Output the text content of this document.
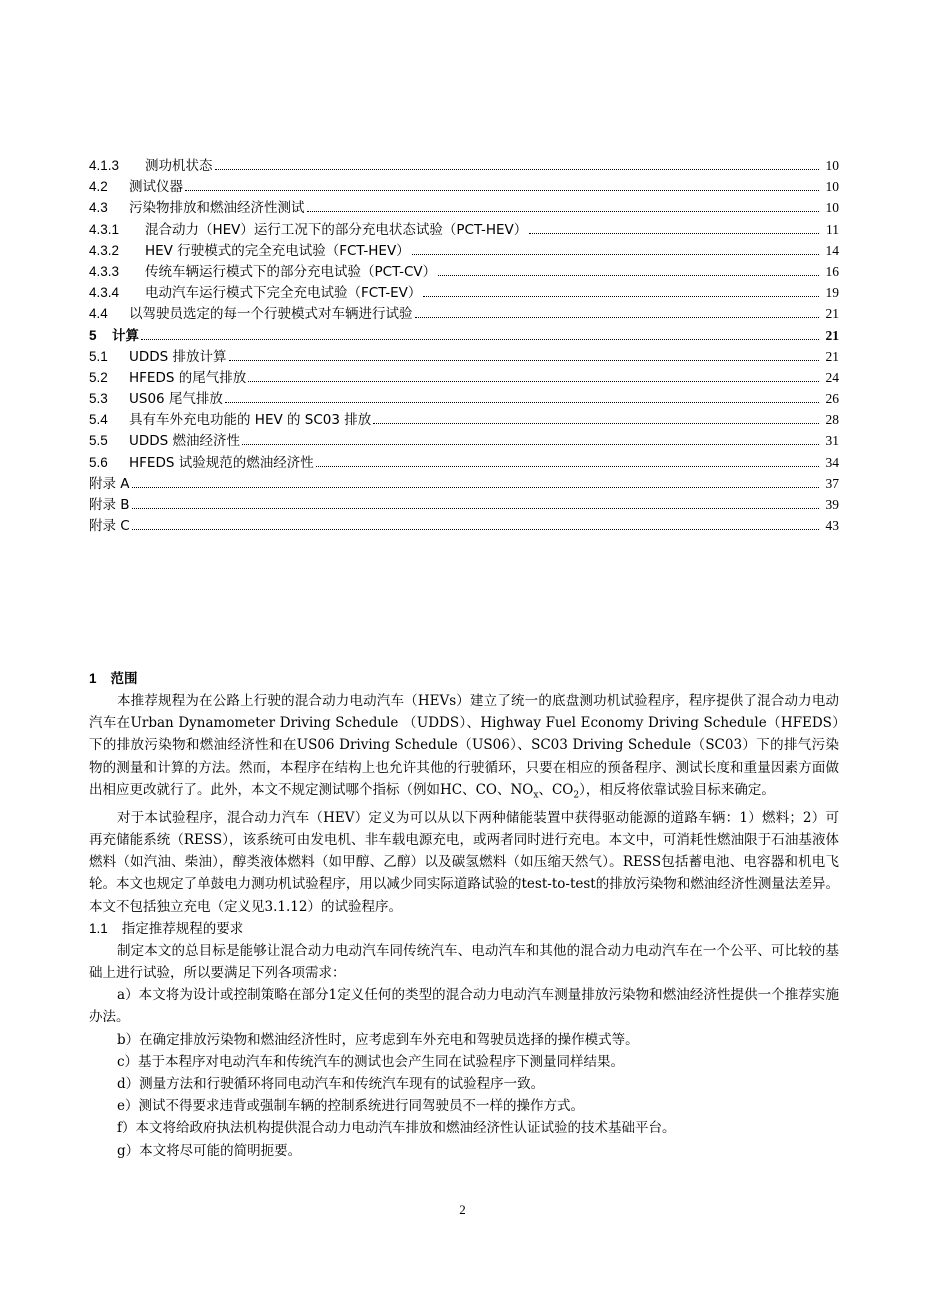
4.1.3	测功机状态	10
4.2	测试仪器	10
4.3	污染物排放和燃油经济性测试	10
4.3.1	混合动力（HEV）运行工况下的部分充电状态试验（PCT-HEV）	11
4.3.2	HEV 行驶模式的完全充电试验（FCT-HEV）	14
4.3.3	传统车辆运行模式下的部分充电试验（PCT-CV）	16
4.3.4	电动汽车运行模式下完全充电试验（FCT-EV）	19
4.4	以驾驶员选定的每一个行驶模式对车辆进行试验	21
5	计算	21
5.1	UDDS 排放计算	21
5.2	HFEDS 的尾气排放	24
5.3	US06 尾气排放	26
5.4	具有车外充电功能的 HEV 的 SC03 排放	28
5.5	UDDS 燃油经济性	31
5.6	HFEDS 试验规范的燃油经济性	34
附录 A	37
附录 B	39
附录 C	43
1 范围

本推荐规程为在公路上行驶的混合动力电动汽车（HEVs）建立了统一的底盘测功机试验程序，程序提供了混合动力电动汽车在Urban Dynamometer Driving Schedule （UDDS）、Highway Fuel Economy Driving Schedule（HFEDS）下的排放污染物和燃油经济性和在US06 Driving Schedule（US06）、SC03 Driving Schedule（SC03）下的排气污染物的测量和计算的方法。然而，本程序在结构上也允许其他的行驶循环，只要在相应的预备程序、测试长度和重量因素方面做出相应更改就行了。此外，本文不规定测试哪个指标（例如HC、CO、$NO_x$、$CO_2$），相反将依靠试验目标来确定。

对于本试验程序，混合动力汽车（HEV）定义为可以从以下两种储能装置中获得驱动能源的道路车辆：1）燃料；2）可再充储能系统（RESS），该系统可由发电机、非车载电源充电，或两者同时进行充电。本文中，可消耗性燃油限于石油基液体燃料（如汽油、柴油），醇类液体燃料（如甲醇、乙醇）以及碳氢燃料（如压缩天然气）。RESS包括蓄电池、电容器和机电飞轮。本文也规定了单鼓电力测功机试验程序，用以减少同实际道路试验的test-to-test的排放污染物和燃油经济性测量法差异。 本文不包括独立充电（定义见3.1.12）的试验程序。

1.1 指定推荐规程的要求

制定本文的总目标是能够让混合动力电动汽车同传统汽车、电动汽车和其他的混合动力电动汽车在一个公平、可比较的基础上进行试验，所以要满足下列各项需求：

a）本文将为设计或控制策略在部分1定义任何的类型的混合动力电动汽车测量排放污染物和燃油经济性提供一个推荐实施办法。

b）在确定排放污染物和燃油经济性时，应考虑到车外充电和驾驶员选择的操作模式等。

c）基于本程序对电动汽车和传统汽车的测试也会产生同在试验程序下测量同样结果。

d）测量方法和行驶循环将同电动汽车和传统汽车现有的试验程序一致。

e）测试不得要求违背或强制车辆的控制系统进行同驾驶员不一样的操作方式。

f）本文将给政府执法机构提供混合动力电动汽车排放和燃油经济性认证试验的技术基础平台。

g）本文将尽可能的简明扼要。

2
